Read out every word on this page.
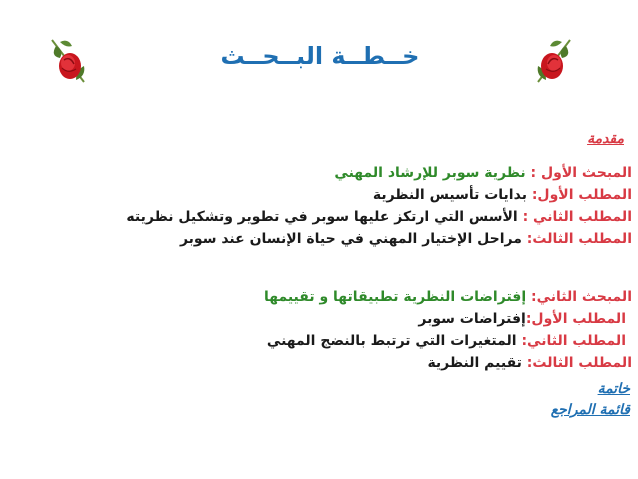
خــطــة البــحــث
مقدمة
المبحث الأول : نظرية سوبر للإرشاد المهني
المطلب الأول: بدايات تأسيس النظرية
المطلب الثاني : الأسس التي ارتكز عليها سوبر في تطوير وتشكيل نظريته
المطلب الثالث: مراحل الإختيار المهني في حياة الإنسان عند سوبر
المبحث الثاني: إفتراضات النظرية تطبيقاتها و تقييمها
المطلب الأول:إفتراضات سوبر
المطلب الثاني: المتغيرات التي ترتبط بالنضج المهني
المطلب الثالث: تقييم النظرية
خاتمة
قائمة المراجع
